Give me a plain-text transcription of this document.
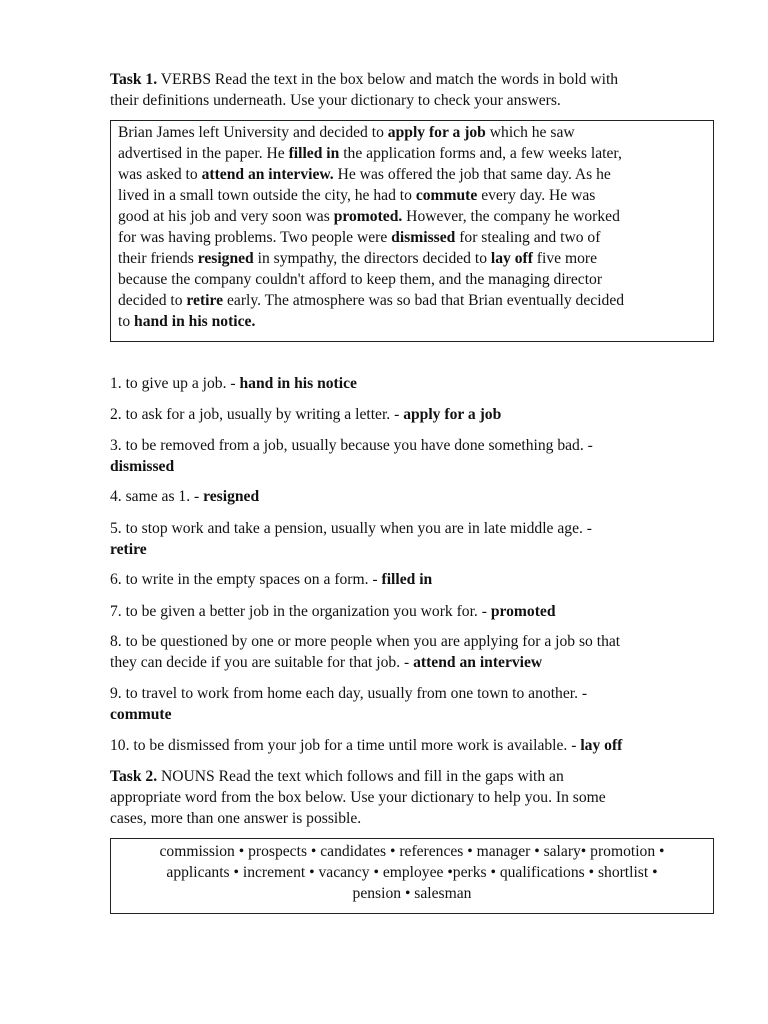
Task 1. VERBS Read the text in the box below and match the words in bold with
their definitions underneath. Use your dictionary to check your answers.
Brian James left University and decided to apply for a job which he saw
advertised in the paper. He filled in the application forms and, a few weeks later,
was asked to attend an interview. He was offered the job that same day. As he
lived in a small town outside the city, he had to commute every day. He was
good at his job and very soon was promoted. However, the company he worked
for was having problems. Two people were dismissed for stealing and two of
their friends resigned in sympathy, the directors decided to lay off five more
because the company couldn't afford to keep them, and the managing director
decided to retire early. The atmosphere was so bad that Brian eventually decided
to hand in his notice.
1. to give up a job. - hand in his notice
2. to ask for a job, usually by writing a letter. - apply for a job
3. to be removed from a job, usually because you have done something bad. -
dismissed
4. same as 1. - resigned
5. to stop work and take a pension, usually when you are in late middle age. -
retire
6. to write in the empty spaces on a form. - filled in
7. to be given a better job in the organization you work for. - promoted
8. to be questioned by one or more people when you are applying for a job so that
they can decide if you are suitable for that job. - attend an interview
9. to travel to work from home each day, usually from one town to another. -
commute
10. to be dismissed from your job for a time until more work is available. - lay off
Task 2. NOUNS Read the text which follows and fill in the gaps with an
appropriate word from the box below. Use your dictionary to help you. In some
cases, more than one answer is possible.
commission • prospects • candidates • references • manager • salary• promotion •
applicants • increment • vacancy • employee •perks • qualifications • shortlist •
pension • salesman
